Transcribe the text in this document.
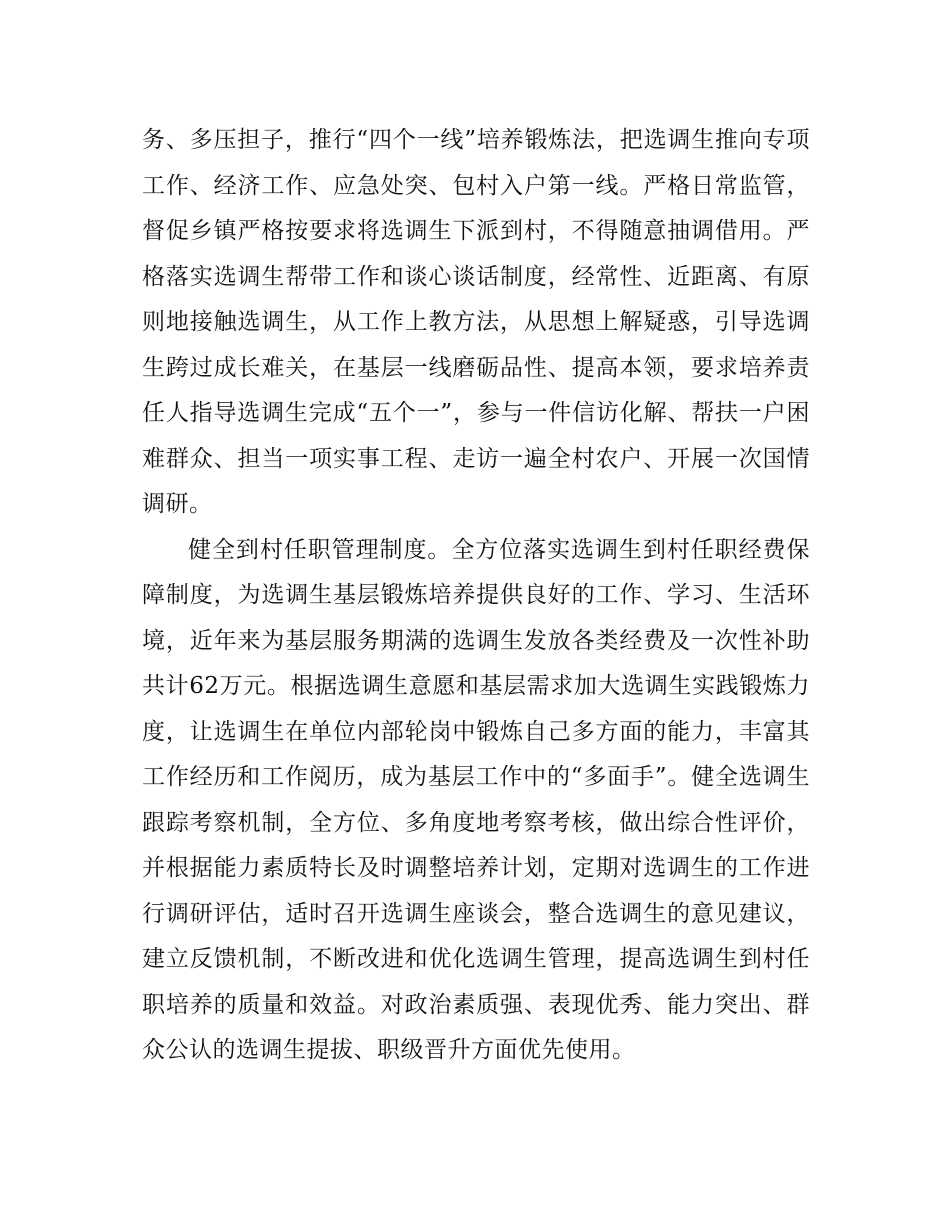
务、多压担子，推行“四个一线”培养锻炼法，把选调生推向专项工作、经济工作、应急处突、包村入户第一线。严格日常监管，督促乡镇严格按要求将选调生下派到村，不得随意抽调借用。严格落实选调生帮带工作和谈心谈话制度，经常性、近距离、有原则地接触选调生，从工作上教方法，从思想上解疑惑，引导选调生跨过成长难关，在基层一线磨砺品性、提高本领，要求培养责任人指导选调生完成“五个一”，参与一件信访化解、帮扶一户困难群众、担当一项实事工程、走访一遍全村农户、开展一次国情调研。

健全到村任职管理制度。全方位落实选调生到村任职经费保障制度，为选调生基层锻炼培养提供良好的工作、学习、生活环境，近年来为基层服务期满的选调生发放各类经费及一次性补助共计62万元。根据选调生意愿和基层需求加大选调生实践锻炼力度，让选调生在单位内部轮岗中锻炼自己多方面的能力，丰富其工作经历和工作阅历，成为基层工作中的“多面手”。健全选调生跟踪考察机制，全方位、多角度地考察考核，做出综合性评价，并根据能力素质特长及时调整培养计划，定期对选调生的工作进行调研评估，适时召开选调生座谈会，整合选调生的意见建议，建立反馈机制，不断改进和优化选调生管理，提高选调生到村任职培养的质量和效益。对政治素质强、表现优秀、能力突出、群众公认的选调生提拔、职级晋升方面优先使用。
